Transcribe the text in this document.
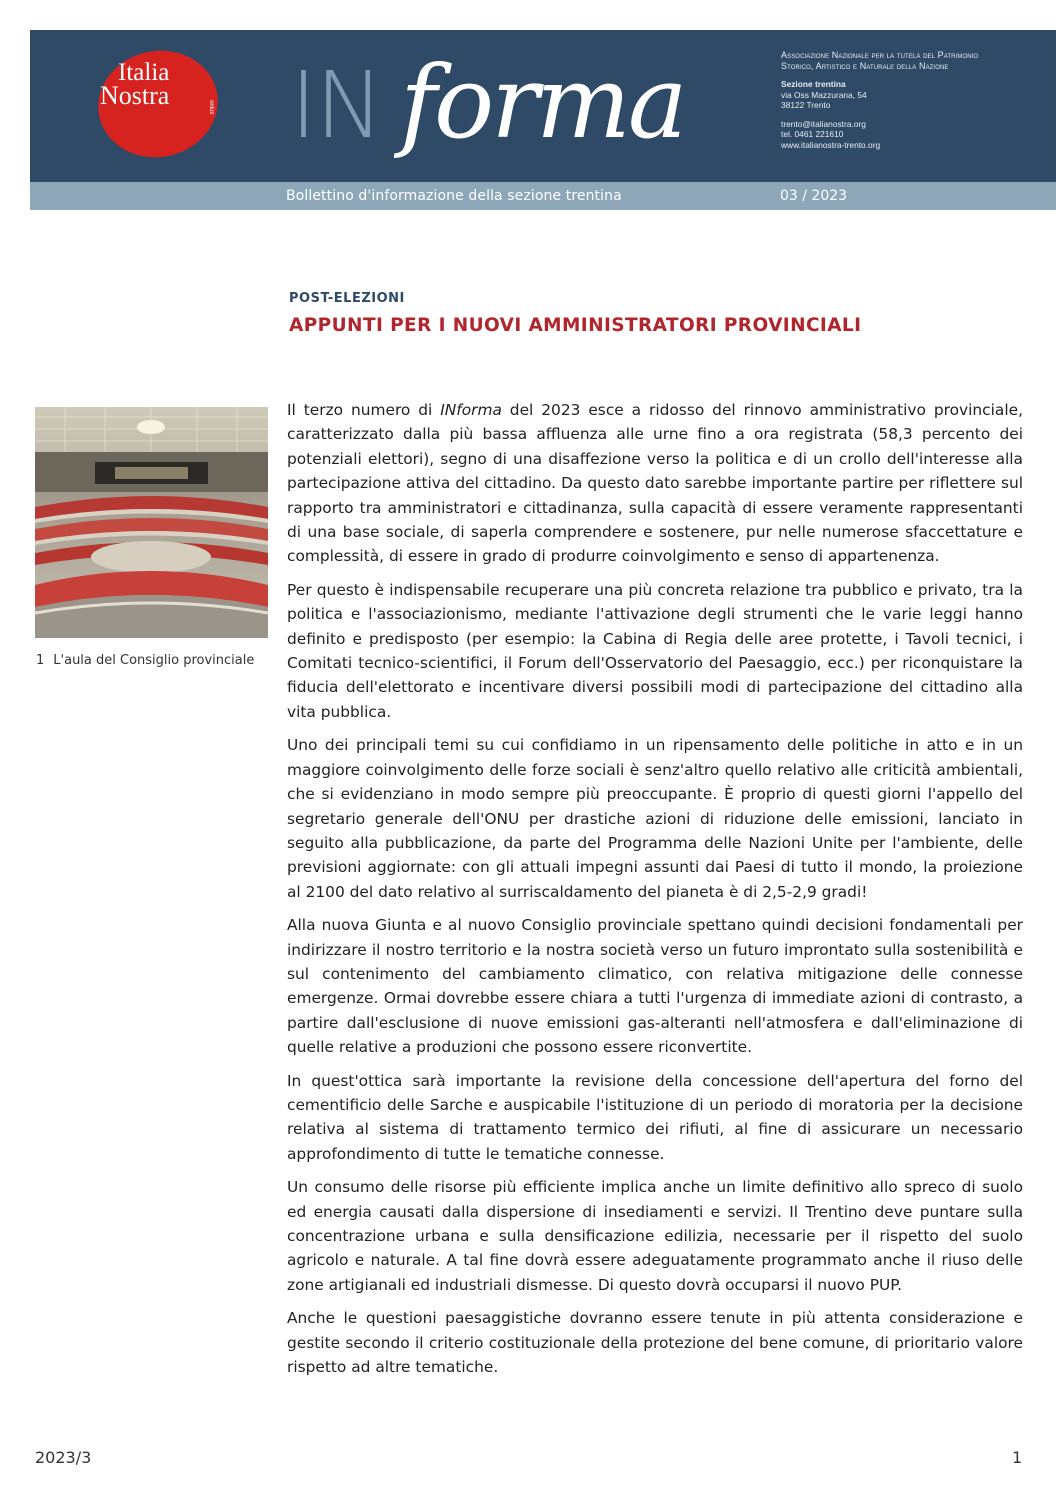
Italia
Nostra	onlus IN forma	Associazione Nazionale per la tutela del Patrimonio
Storico, Artistico e Naturale della Nazione
Sezione trentina
via Oss Mazzurana, 54
38122 Trento
trento@italianostra.org
tel. 0461 221610
www.italianostra-trento.org
Bollettino d'informazione della sezione trentina	03 / 2023
POST-ELEZIONI
APPUNTI PER I NUOVI AMMINISTRATORI PROVINCIALI
1 L'aula del Consiglio provinciale

Il terzo numero di INforma del 2023 esce a ridosso del rinnovo amministrativo provinciale, caratterizzato dalla più bassa affluenza alle urne fino a ora registrata (58,3 percento dei potenziali elettori), segno di una disaffezione verso la politica e di un crollo dell'interesse alla partecipazione attiva del cittadino. Da questo dato sarebbe importante partire per riflettere sul rapporto tra amministratori e cittadinanza, sulla capacità di essere veramente rappresentanti di una base sociale, di saperla comprendere e sostenere, pur nelle numerose sfaccettature e complessità, di essere in grado di produrre coinvolgimento e senso di appartenenza.

Per questo è indispensabile recuperare una più concreta relazione tra pubblico e privato, tra la politica e l'associazionismo, mediante l'attivazione degli strumenti che le varie leggi hanno definito e predisposto (per esempio: la Cabina di Regia delle aree protette, i Tavoli tecnici, i Comitati tecnico-scientifici, il Forum dell'Osservatorio del Paesaggio, ecc.) per riconquistare la fiducia dell'elettorato e incentivare diversi possibili modi di partecipazione del cittadino alla vita pubblica.

Uno dei principali temi su cui confidiamo in un ripensamento delle politiche in atto e in un maggiore coinvolgimento delle forze sociali è senz'altro quello relativo alle criticità ambientali, che si evidenziano in modo sempre più preoccupante. È proprio di questi giorni l'appello del segretario generale dell'ONU per drastiche azioni di riduzione delle emissioni, lanciato in seguito alla pubblicazione, da parte del Programma delle Nazioni Unite per l'ambiente, delle previsioni aggiornate: con gli attuali impegni assunti dai Paesi di tutto il mondo, la proiezione al 2100 del dato relativo al surriscaldamento del pianeta è di 2,5-2,9 gradi!

Alla nuova Giunta e al nuovo Consiglio provinciale spettano quindi decisioni fondamentali per indirizzare il nostro territorio e la nostra società verso un futuro improntato sulla sostenibilità e sul contenimento del cambiamento climatico, con relativa mitigazione delle connesse emergenze. Ormai dovrebbe essere chiara a tutti l'urgenza di immediate azioni di contrasto, a partire dall'esclusione di nuove emissioni gas-alteranti nell'atmosfera e dall'eliminazione di quelle relative a produzioni che possono essere riconvertite.

In quest'ottica sarà importante la revisione della concessione dell'apertura del forno del cementificio delle Sarche e auspicabile l'istituzione di un periodo di moratoria per la decisione relativa al sistema di trattamento termico dei rifiuti, al fine di assicurare un necessario approfondimento di tutte le tematiche connesse.

Un consumo delle risorse più efficiente implica anche un limite definitivo allo spreco di suolo ed energia causati dalla dispersione di insediamenti e servizi. Il Trentino deve puntare sulla concentrazione urbana e sulla densificazione edilizia, necessarie per il rispetto del suolo agricolo e naturale. A tal fine dovrà essere adeguatamente programmato anche il riuso delle zone artigianali ed industriali dismesse. Di questo dovrà occuparsi il nuovo PUP.

Anche le questioni paesaggistiche dovranno essere tenute in più attenta considerazione e gestite secondo il criterio costituzionale della protezione del bene comune, di prioritario valore rispetto ad altre tematiche.

2023/3	1
